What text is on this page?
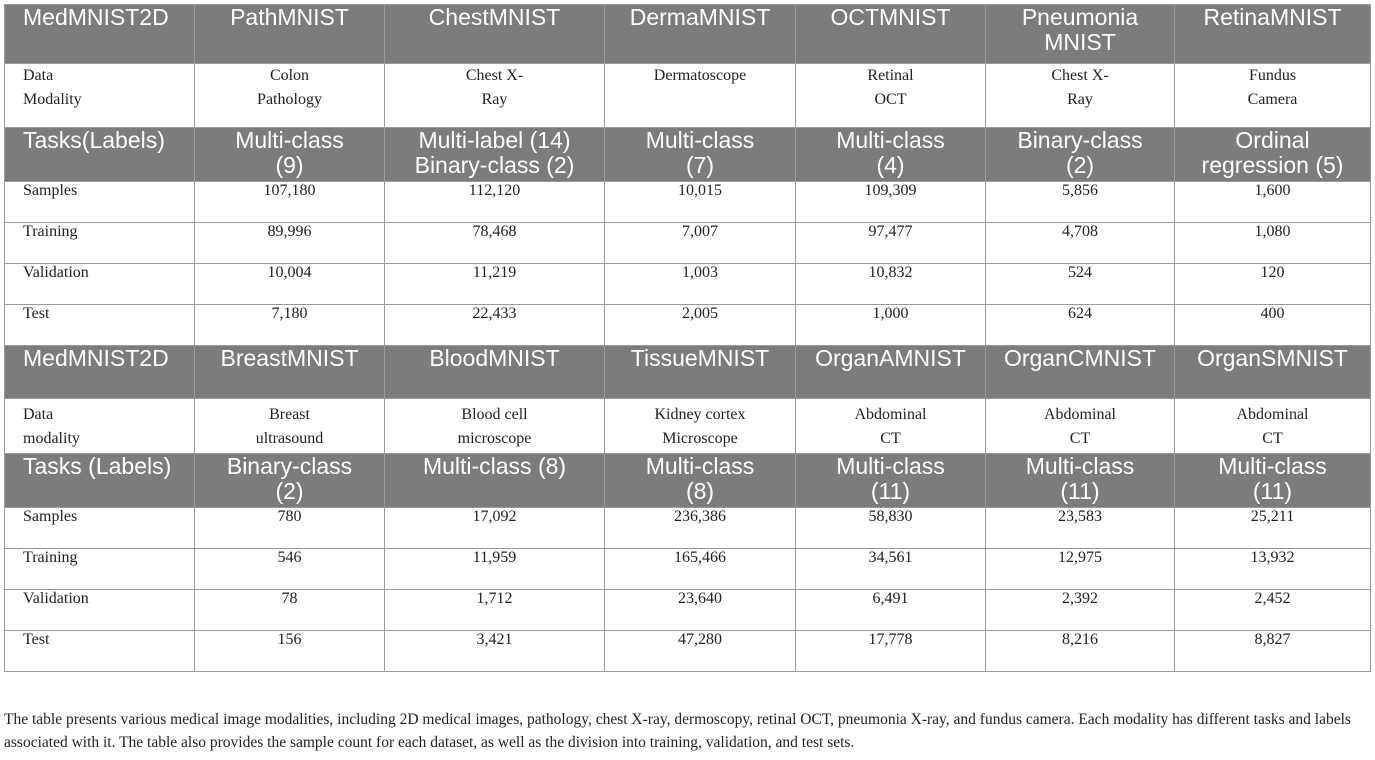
MedMNIST2D	PathMNIST	ChestMNIST	DermaMNIST	OCTMNIST	Pneumonia MNIST	RetinaMNIST
Data Modality	Colon Pathology	Chest X-Ray	Dermatoscope	Retinal OCT	Chest X-Ray	Fundus Camera
Tasks(Labels)	Multi-class (9)	Multi-label (14) Binary-class (2)	Multi-class (7)	Multi-class (4)	Binary-class (2)	Ordinal regression (5)
Samples	107,180	112,120	10,015	109,309	5,856	1,600
Training	89,996	78,468	7,007	97,477	4,708	1,080
Validation	10,004	11,219	1,003	10,832	524	120
Test	7,180	22,433	2,005	1,000	624	400
MedMNIST2D	BreastMNIST	BloodMNIST	TissueMNIST	OrganAMNIST	OrganCMNIST	OrganSMNIST
Data modality	Breast ultrasound	Blood cell microscope	Kidney cortex Microscope	Abdominal CT	Abdominal CT	Abdominal CT
Tasks (Labels)	Binary-class (2)	Multi-class (8)	Multi-class (8)	Multi-class (11)	Multi-class (11)	Multi-class (11)
Samples	780	17,092	236,386	58,830	23,583	25,211
Training	546	11,959	165,466	34,561	12,975	13,932
Validation	78	1,712	23,640	6,491	2,392	2,452
Test	156	3,421	47,280	17,778	8,216	8,827

The table presents various medical image modalities, including 2D medical images, pathology, chest X-ray, dermoscopy, retinal OCT, pneumonia X-ray, and fundus camera. Each modality has different tasks and labels associated with it. The table also provides the sample count for each dataset, as well as the division into training, validation, and test sets.
